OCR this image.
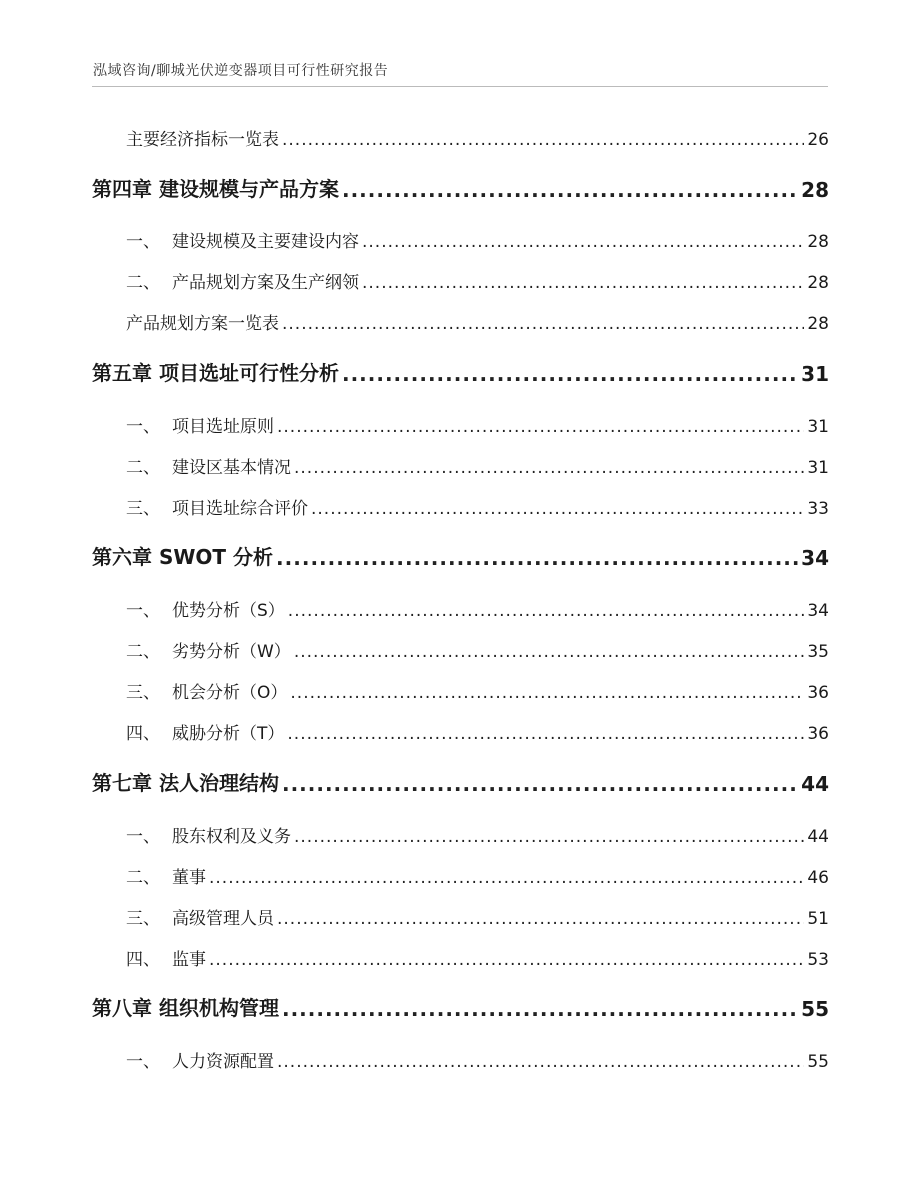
泓域咨询/聊城光伏逆变器项目可行性研究报告
主要经济指标一览表 .....	26
第四章 建设规模与产品方案 .....	28
一、 建设规模及主要建设内容 .....	28
二、 产品规划方案及生产纲领 .....	28
产品规划方案一览表 .....	28
第五章 项目选址可行性分析 .....	31
一、 项目选址原则 .....	31
二、 建设区基本情况 .....	31
三、 项目选址综合评价 .....	33
第六章 SWOT 分析 .....	34
一、 优势分析（S） .....	34
二、 劣势分析（W） .....	35
三、 机会分析（O） .....	36
四、 威胁分析（T） .....	36
第七章 法人治理结构 .....	44
一、 股东权利及义务 .....	44
二、 董事 .....	46
三、 高级管理人员 .....	51
四、 监事 .....	53
第八章 组织机构管理 .....	55
一、 人力资源配置 .....	55
